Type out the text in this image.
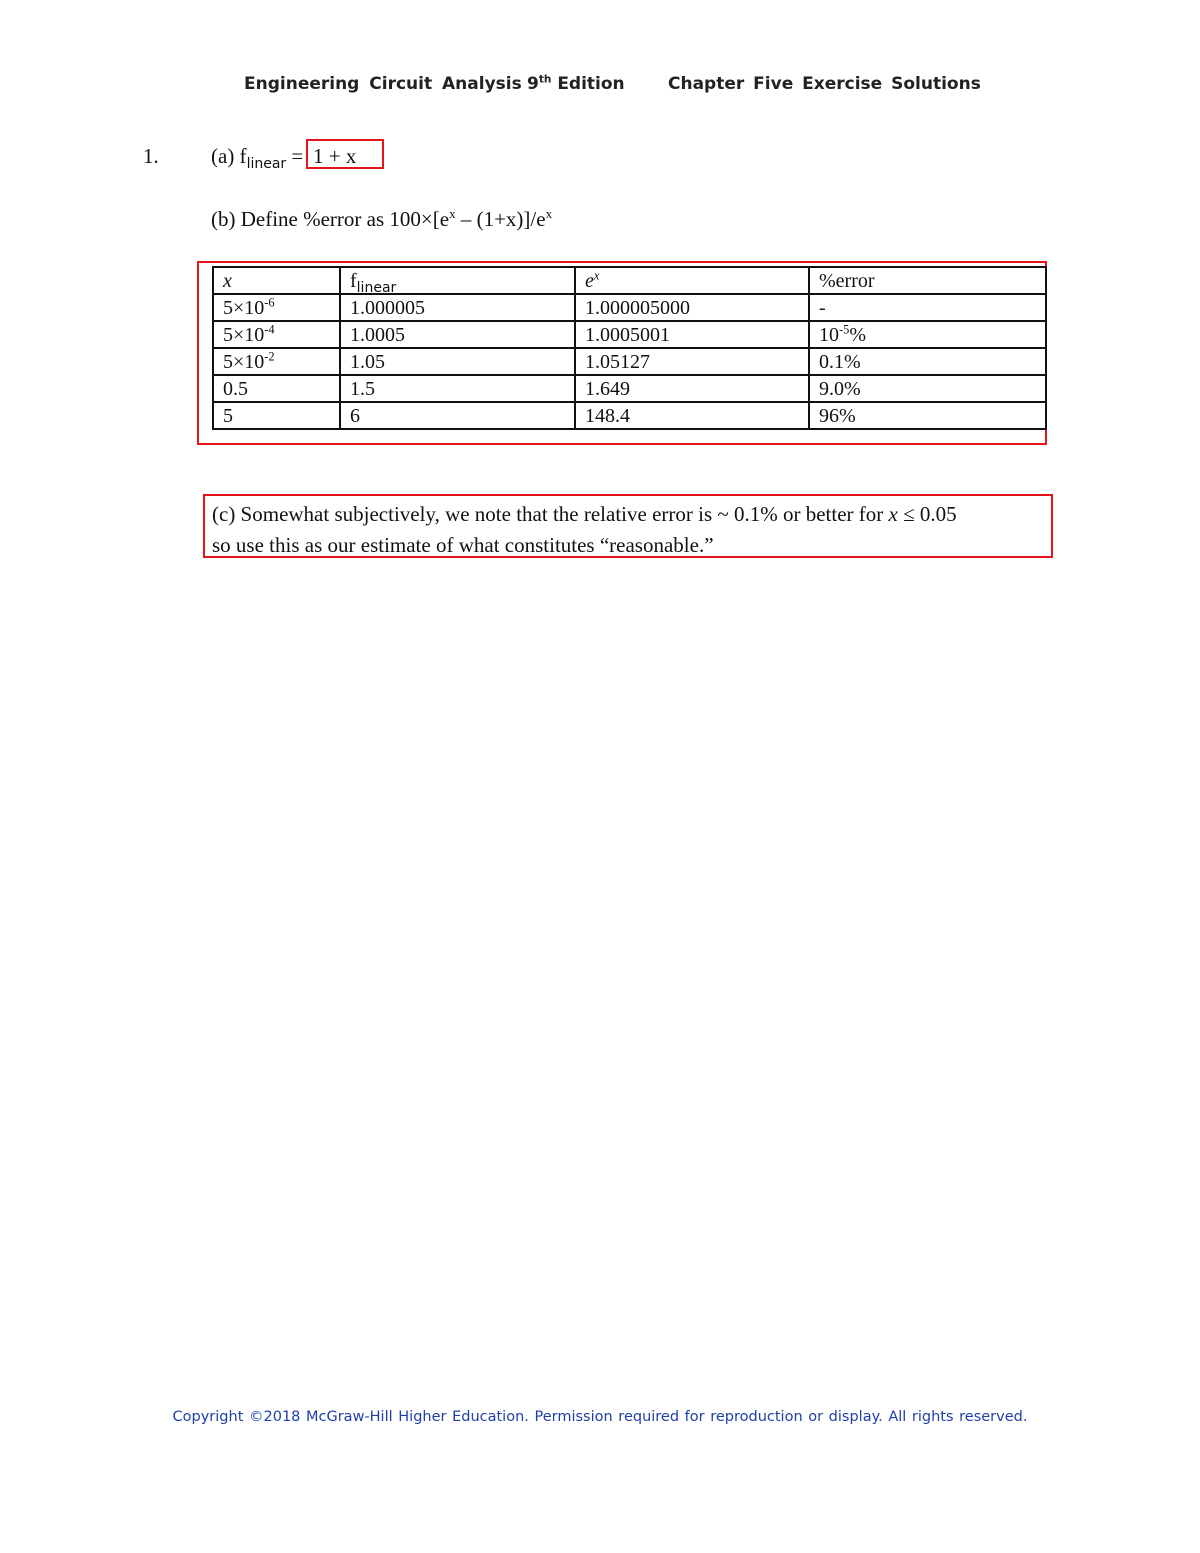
Engineering Circuit Analysis 9th Edition	Chapter Five Exercise Solutions
1. (a) $f_{linear} = 1 + x$
(b) Define %error as $100\times[e^x - (1+x)]/e^x$
x	$f_{linear}$	$e^x$	%error
$5\times 10^{-6}$	1.000005	1.000005000	-
$5\times 10^{-4}$	1.0005	1.0005001	$10^{-5}\%$
$5\times 10^{-2}$	1.05	1.05127	0.1%
0.5	1.5	1.649	9.0%
5	6	148.4	96%
(c) Somewhat subjectively, we note that the relative error is ~ 0.1% or better for x ≤ 0.05
so use this as our estimate of what constitutes “reasonable.”
Copyright ©2018 McGraw-Hill Higher Education. Permission required for reproduction or display. All rights reserved.
